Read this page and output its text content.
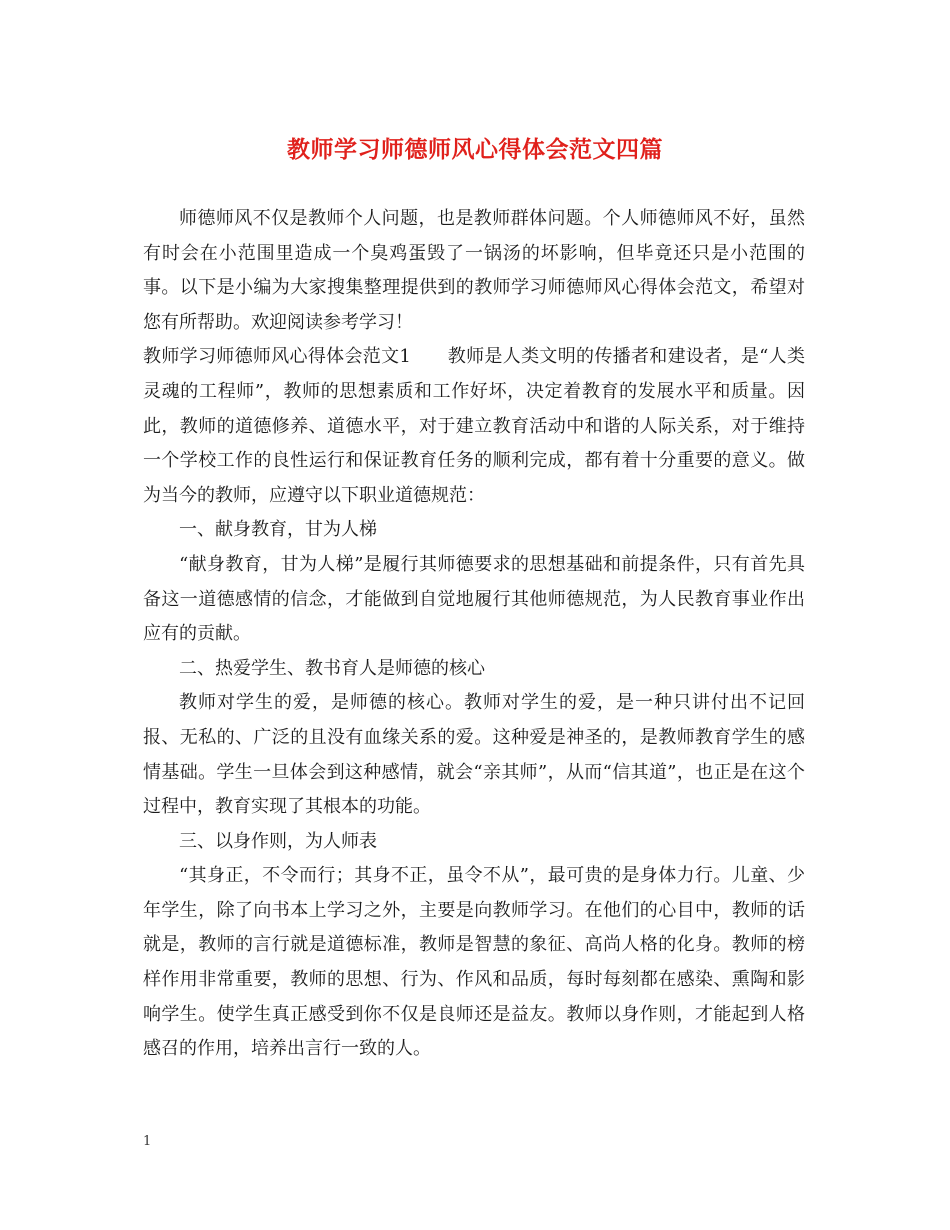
教师学习师德师风心得体会范文四篇

师德师风不仅是教师个人问题，也是教师群体问题。个人师德师风不好，虽然有时会在小范围里造成一个臭鸡蛋毁了一锅汤的坏影响，但毕竟还只是小范围的事。以下是小编为大家搜集整理提供到的教师学习师德师风心得体会范文，希望对您有所帮助。欢迎阅读参考学习！

教师学习师德师风心得体会范文1　　教师是人类文明的传播者和建设者，是“人类灵魂的工程师”，教师的思想素质和工作好坏，决定着教育的发展水平和质量。因此，教师的道德修养、道德水平，对于建立教育活动中和谐的人际关系，对于维持一个学校工作的良性运行和保证教育任务的顺利完成，都有着十分重要的意义。做为当今的教师，应遵守以下职业道德规范：

一、献身教育，甘为人梯

“献身教育，甘为人梯”是履行其师德要求的思想基础和前提条件，只有首先具备这一道德感情的信念，才能做到自觉地履行其他师德规范，为人民教育事业作出应有的贡献。

二、热爱学生、教书育人是师德的核心

教师对学生的爱，是师德的核心。教师对学生的爱，是一种只讲付出不记回报、无私的、广泛的且没有血缘关系的爱。这种爱是神圣的，是教师教育学生的感情基础。学生一旦体会到这种感情，就会“亲其师”，从而“信其道”，也正是在这个过程中，教育实现了其根本的功能。

三、以身作则，为人师表

“其身正，不令而行；其身不正，虽令不从”，最可贵的是身体力行。儿童、少年学生，除了向书本上学习之外，主要是向教师学习。在他们的心目中，教师的话就是，教师的言行就是道德标准，教师是智慧的象征、高尚人格的化身。教师的榜样作用非常重要，教师的思想、行为、作风和品质，每时每刻都在感染、熏陶和影响学生。使学生真正感受到你不仅是良师还是益友。教师以身作则，才能起到人格感召的作用，培养出言行一致的人。

1
